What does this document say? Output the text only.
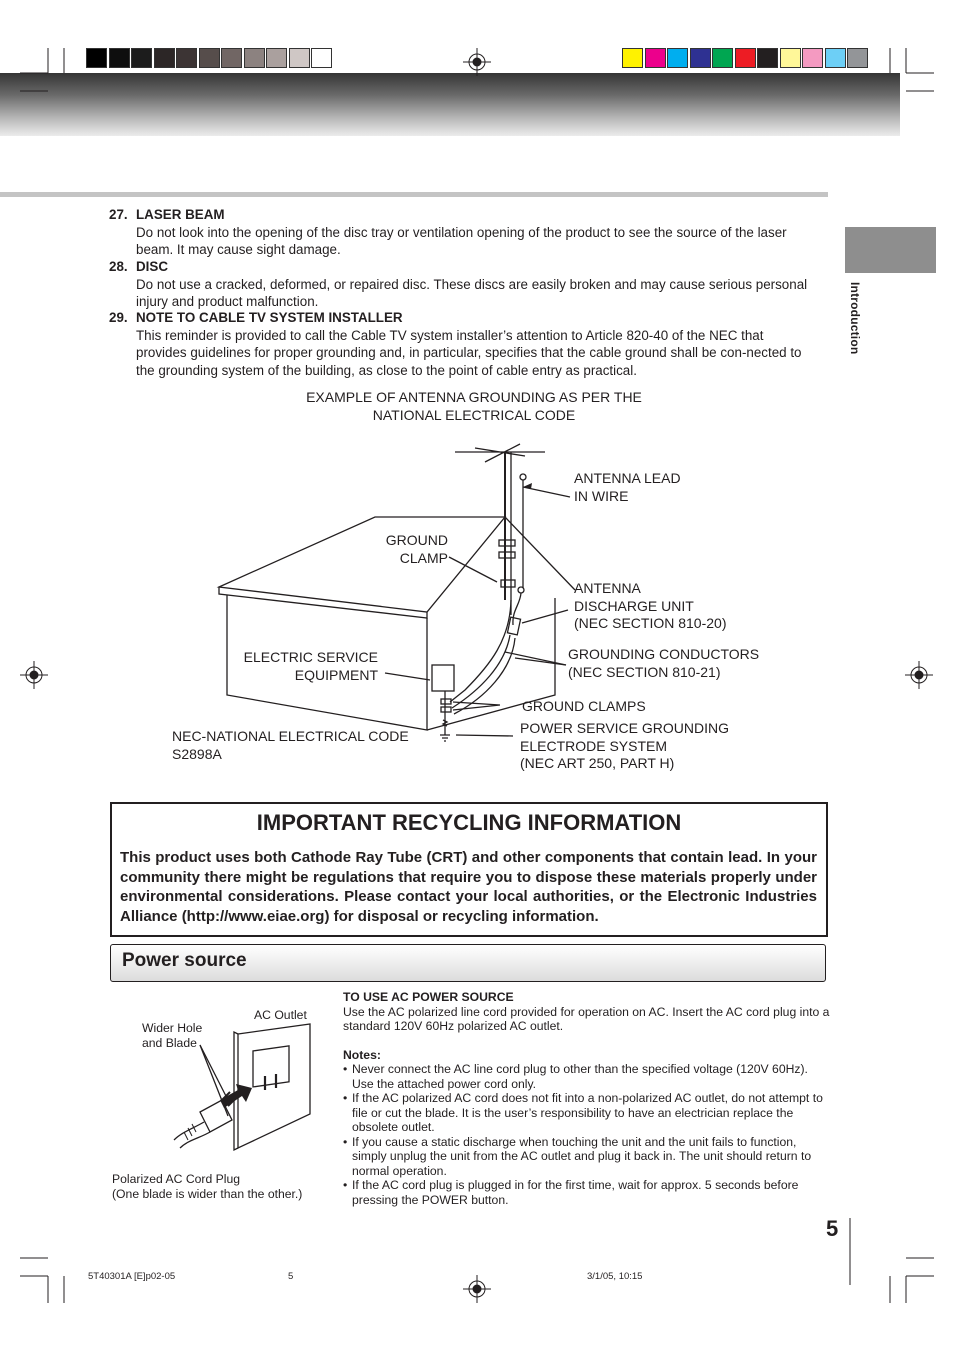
Introduction
27. LASER BEAM
Do not look into the opening of the disc tray or ventilation opening of the product to see the source of the laser beam. It may cause sight damage.
28. DISC
Do not use a cracked, deformed, or repaired disc. These discs are easily broken and may cause serious personal injury and product malfunction.
29. NOTE TO CABLE TV SYSTEM INSTALLER
This reminder is provided to call the Cable TV system installer’s attention to Article 820-40 of the NEC that provides guidelines for proper grounding and, in particular, specifies that the cable ground shall be con-nected to the grounding system of the building, as close to the point of cable entry as practical.
EXAMPLE OF ANTENNA GROUNDING AS PER THE
NATIONAL ELECTRICAL CODE
ANTENNA LEAD
IN WIRE
GROUND
CLAMP
ANTENNA
DISCHARGE UNIT
(NEC SECTION 810-20)
ELECTRIC SERVICE
EQUIPMENT
GROUNDING CONDUCTORS
(NEC SECTION 810-21)
GROUND CLAMPS
POWER SERVICE GROUNDING
ELECTRODE SYSTEM
(NEC ART 250, PART H)
NEC-NATIONAL ELECTRICAL CODE
S2898A
IMPORTANT RECYCLING INFORMATION

This product uses both Cathode Ray Tube (CRT) and other components that contain lead. In your community there might be regulations that require you to dispose these materials properly under environmental considerations. Please contact your local authorities, or the Electronic Industries Alliance (http://www.eiae.org) for disposal or recycling information.

Power source
Wider Hole
and Blade
AC Outlet
Polarized AC Cord Plug
(One blade is wider than the other.)
TO USE AC POWER SOURCE
Use the AC polarized line cord provided for operation on AC. Insert the AC cord plug into a standard 120V 60Hz polarized AC outlet.
Notes:
• Never connect the AC line cord plug to other than the specified voltage (120V 60Hz). Use the attached power cord only.
• If the AC polarized AC cord does not fit into a non-polarized AC outlet, do not attempt to file or cut the blade. It is the user’s responsibility to have an electrician replace the obsolete outlet.
• If you cause a static discharge when touching the unit and the unit fails to function, simply unplug the unit from the AC outlet and plug it back in. The unit should return to normal operation.
• If the AC cord plug is plugged in for the first time, wait for approx. 5 seconds before pressing the POWER button.
5
5T40301A [E]p02-05	5	3/1/05, 10:15
